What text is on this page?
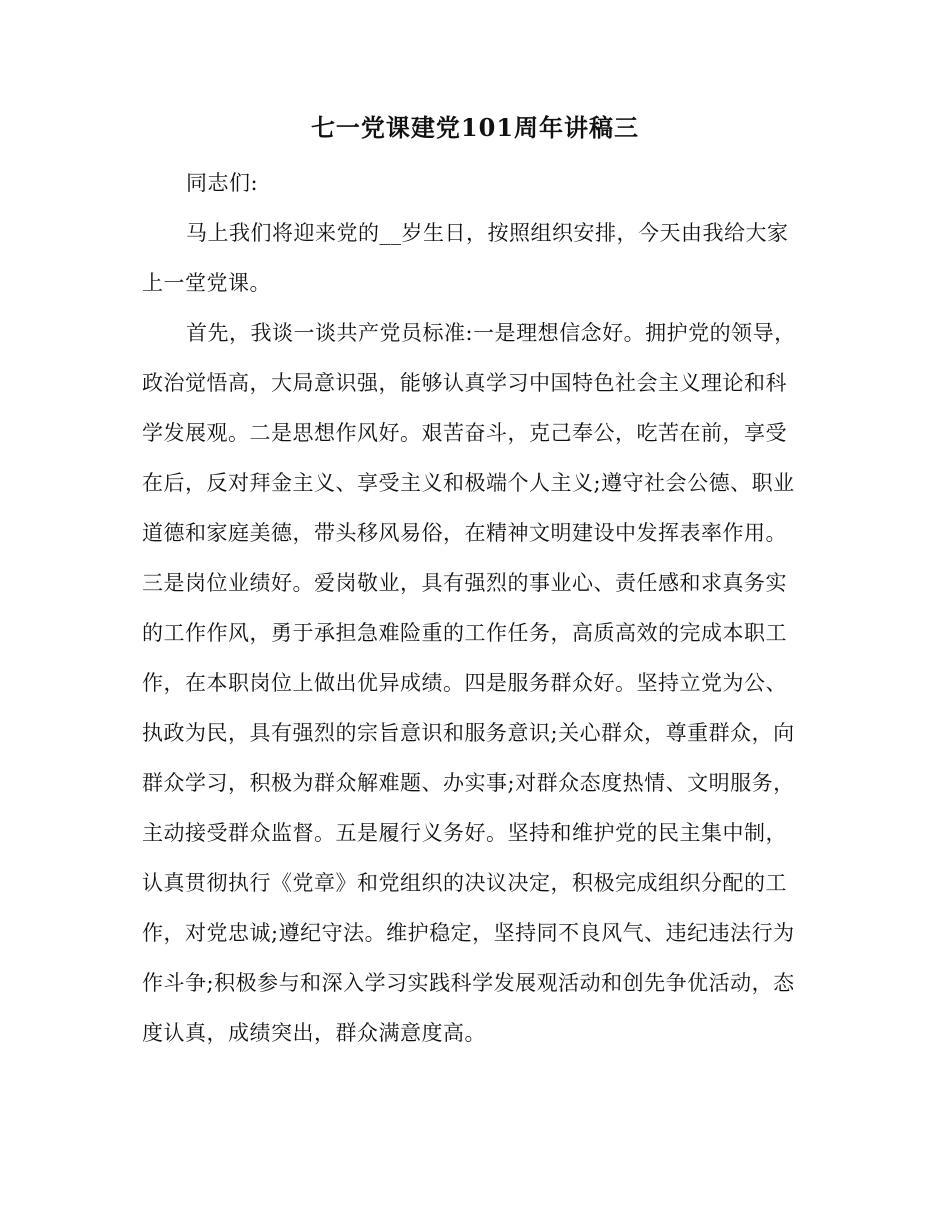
七一党课建党101周年讲稿三
同志们:
马上我们将迎来党的__岁生日，按照组织安排，今天由我给大家
上一堂党课。
首先，我谈一谈共产党员标准:一是理想信念好。拥护党的领导，
政治觉悟高，大局意识强，能够认真学习中国特色社会主义理论和科
学发展观。二是思想作风好。艰苦奋斗，克己奉公，吃苦在前，享受
在后，反对拜金主义、享受主义和极端个人主义;遵守社会公德、职业
道德和家庭美德，带头移风易俗，在精神文明建设中发挥表率作用。
三是岗位业绩好。爱岗敬业，具有强烈的事业心、责任感和求真务实
的工作作风，勇于承担急难险重的工作任务，高质高效的完成本职工
作，在本职岗位上做出优异成绩。四是服务群众好。坚持立党为公、
执政为民，具有强烈的宗旨意识和服务意识;关心群众，尊重群众，向
群众学习，积极为群众解难题、办实事;对群众态度热情、文明服务，
主动接受群众监督。五是履行义务好。坚持和维护党的民主集中制，
认真贯彻执行《党章》和党组织的决议决定，积极完成组织分配的工
作，对党忠诚;遵纪守法。维护稳定，坚持同不良风气、违纪违法行为
作斗争;积极参与和深入学习实践科学发展观活动和创先争优活动，态
度认真，成绩突出，群众满意度高。
